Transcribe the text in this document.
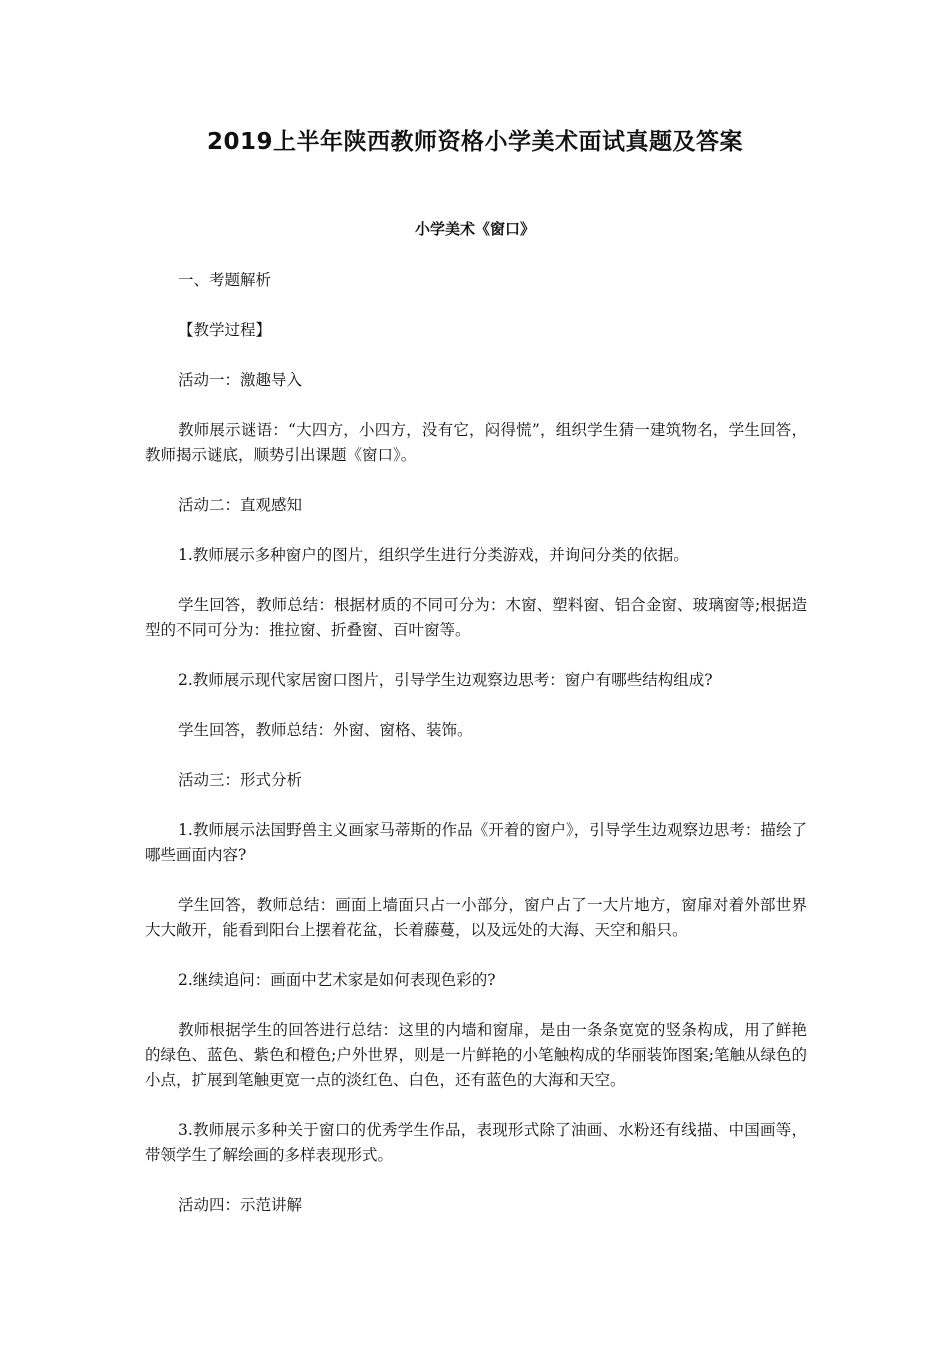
2019上半年陕西教师资格小学美术面试真题及答案
小学美术《窗口》

一、考题解析

【教学过程】

活动一：激趣导入

教师展示谜语：“大四方，小四方，没有它，闷得慌”，组织学生猜一建筑物名，学生回答，教师揭示谜底，顺势引出课题《窗口》。

活动二：直观感知

1.教师展示多种窗户的图片，组织学生进行分类游戏，并询问分类的依据。

学生回答，教师总结：根据材质的不同可分为：木窗、塑料窗、铝合金窗、玻璃窗等;根据造型的不同可分为：推拉窗、折叠窗、百叶窗等。

2.教师展示现代家居窗口图片，引导学生边观察边思考：窗户有哪些结构组成?

学生回答，教师总结：外窗、窗格、装饰。

活动三：形式分析

1.教师展示法国野兽主义画家马蒂斯的作品《开着的窗户》，引导学生边观察边思考：描绘了哪些画面内容?

学生回答，教师总结：画面上墙面只占一小部分，窗户占了一大片地方，窗扉对着外部世界大大敞开，能看到阳台上摆着花盆，长着藤蔓，以及远处的大海、天空和船只。

2.继续追问：画面中艺术家是如何表现色彩的?

教师根据学生的回答进行总结：这里的内墙和窗扉，是由一条条宽宽的竖条构成，用了鲜艳的绿色、蓝色、紫色和橙色;户外世界，则是一片鲜艳的小笔触构成的华丽装饰图案;笔触从绿色的小点，扩展到笔触更宽一点的淡红色、白色，还有蓝色的大海和天空。

3.教师展示多种关于窗口的优秀学生作品，表现形式除了油画、水粉还有线描、中国画等，带领学生了解绘画的多样表现形式。

活动四：示范讲解
